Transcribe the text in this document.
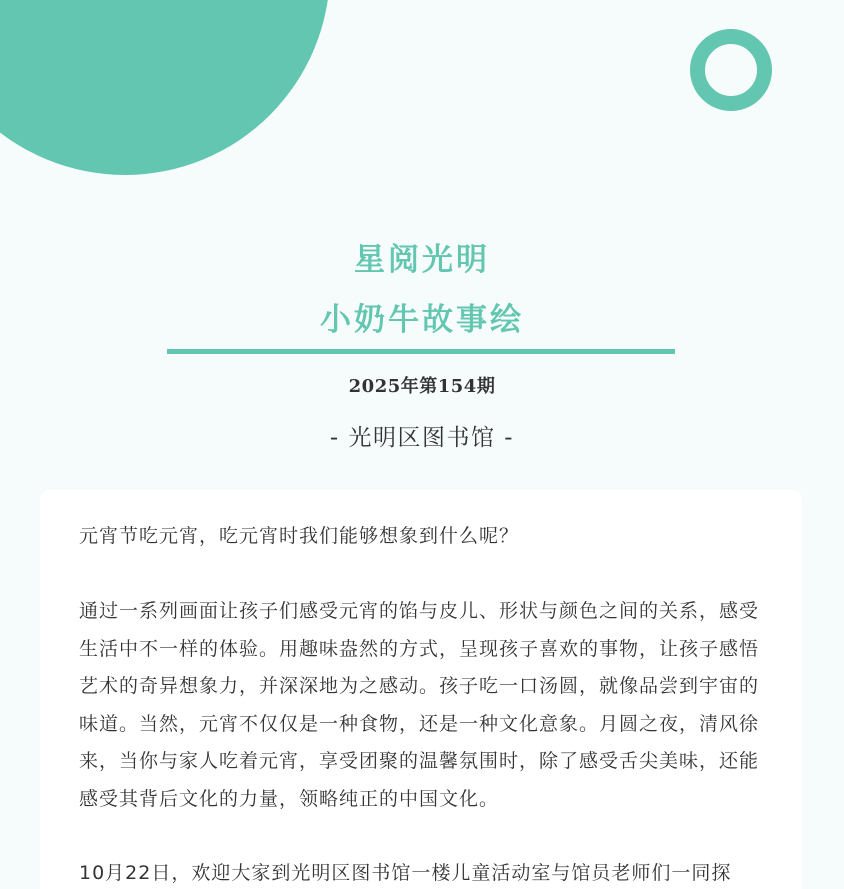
星阅光明
小奶牛故事绘
2025年第154期
- 光明区图书馆 -

元宵节吃元宵，吃元宵时我们能够想象到什么呢？

通过一系列画面让孩子们感受元宵的馅与皮儿、形状与颜色之间的关系，感受生活中不一样的体验。用趣味盎然的方式，呈现孩子喜欢的事物，让孩子感悟艺术的奇异想象力，并深深地为之感动。孩子吃一口汤圆，就像品尝到宇宙的味道。当然，元宵不仅仅是一种食物，还是一种文化意象。月圆之夜，清风徐来，当你与家人吃着元宵，享受团聚的温馨氛围时，除了感受舌尖美味，还能感受其背后文化的力量，领略纯正的中国文化。

10月22日，欢迎大家到光明区图书馆一楼儿童活动室与馆员老师们一同探
